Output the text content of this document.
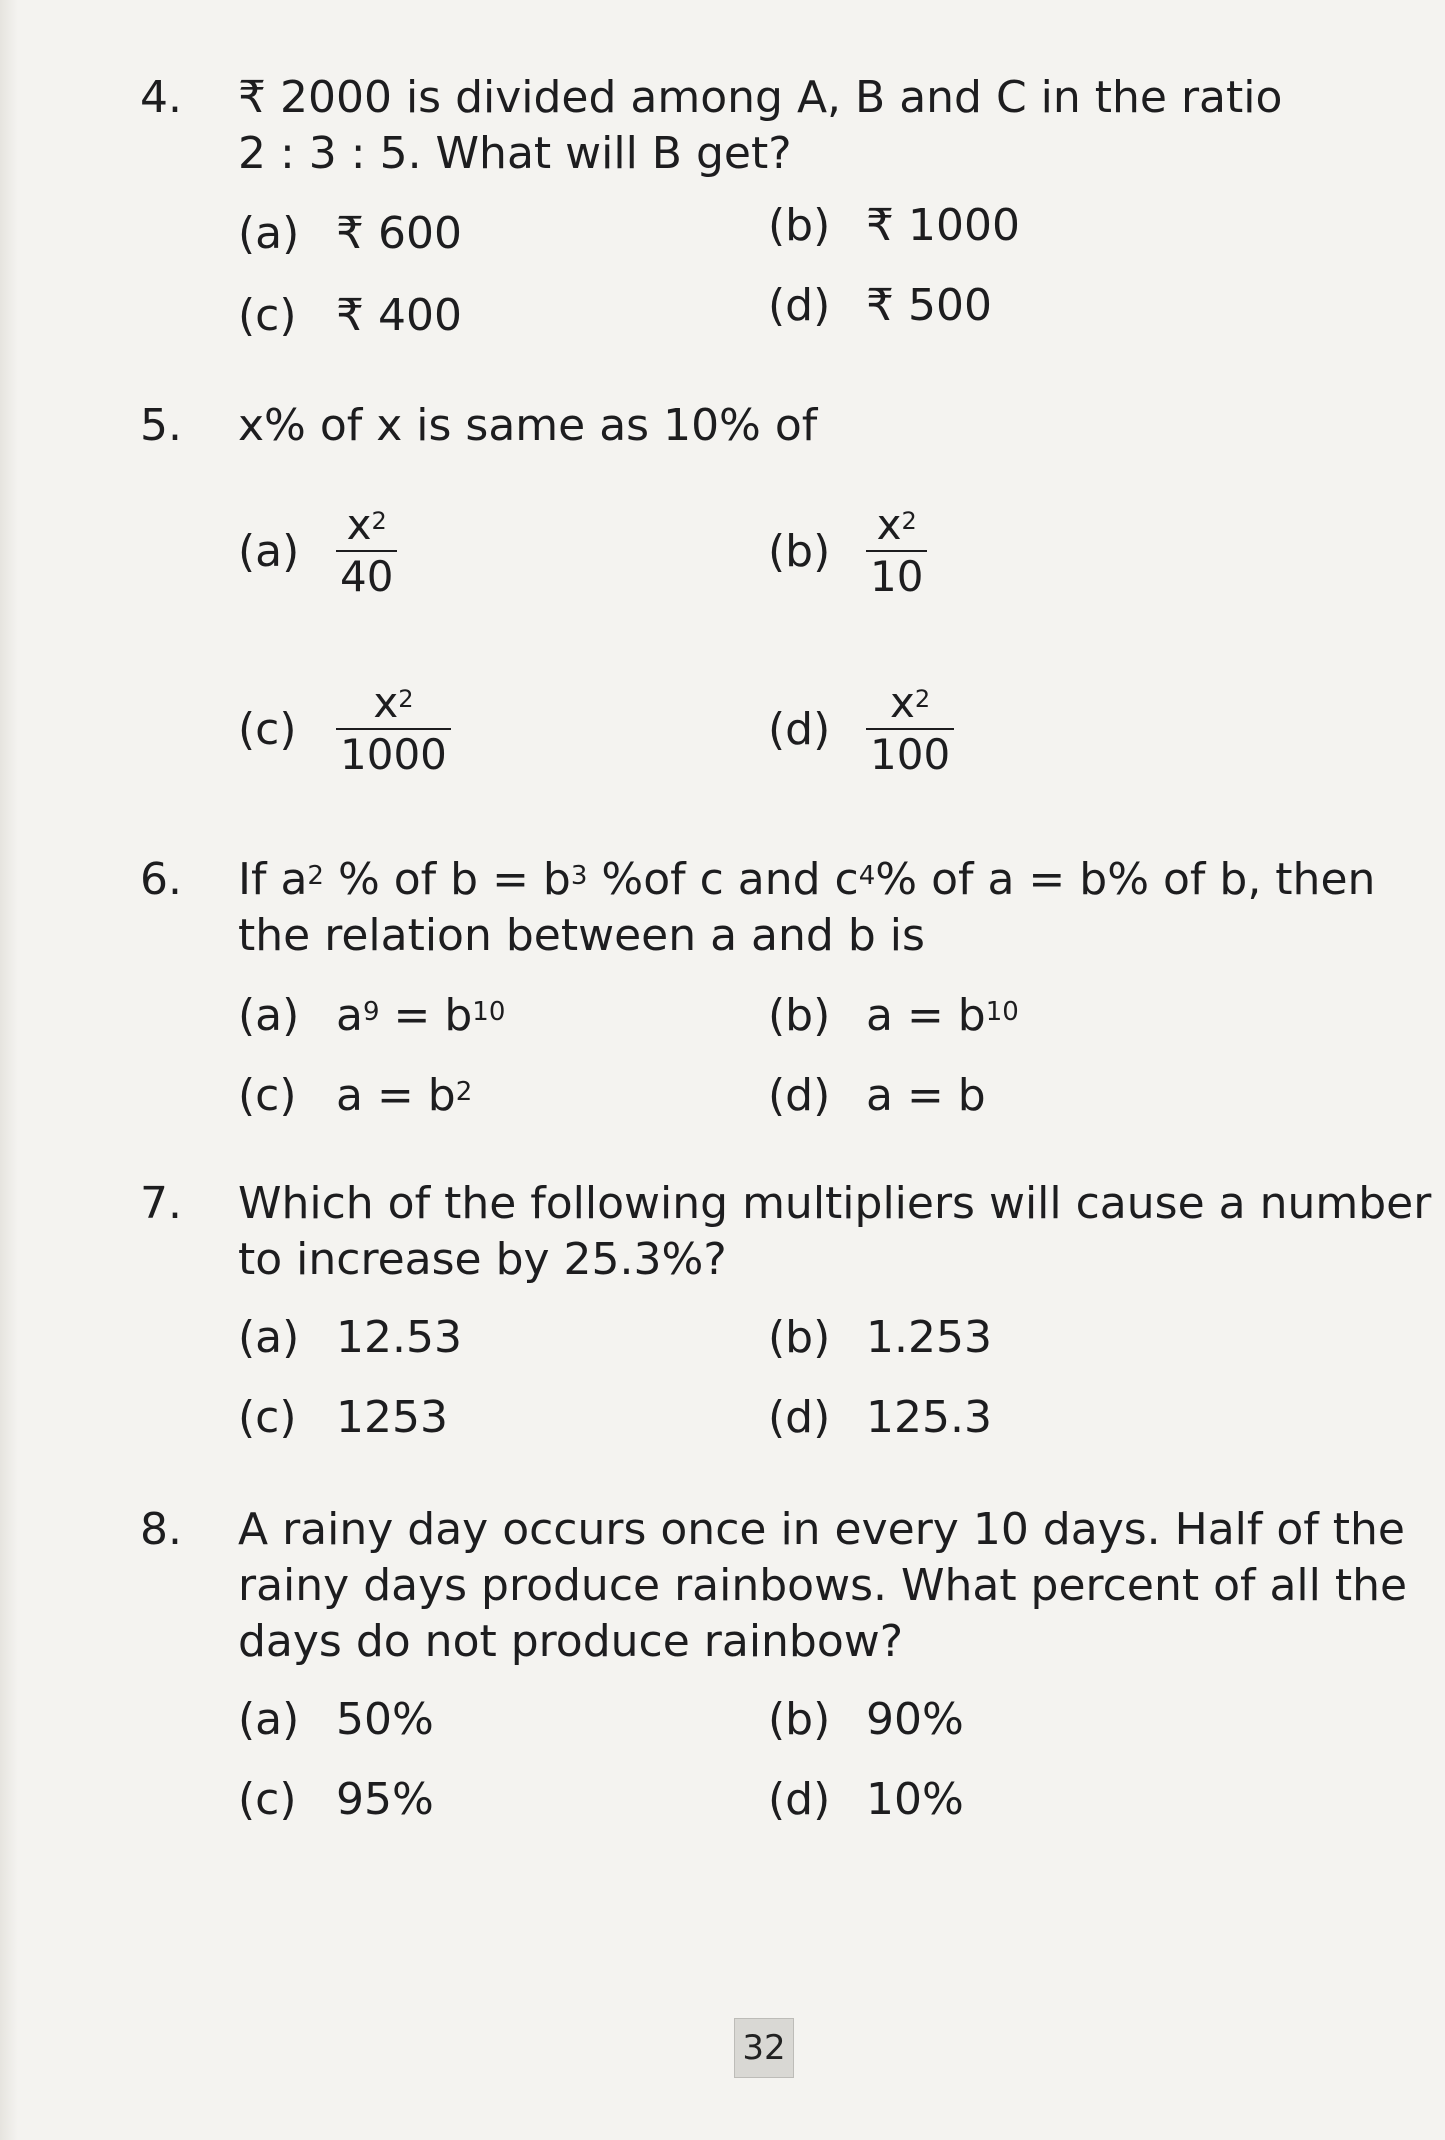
4. ₹ 2000 is divided among A, B and C in the ratio
2 : 3 : 5. What will B get?
(a) ₹ 600	(b) ₹ 1000
(c) ₹ 400	(d) ₹ 500
5. x% of x is same as 10% of
$(a) \frac{x^2}{40}$	$(b) \frac{x^2}{10}$
$(c) \frac{x^2}{1000}$	$(d) \frac{x^2}{100}$
6. If $a^2$ % of $b = b^3$ %of c and $c^4\%$ of a = b% of b, then
the relation between a and b is
(a) $a^9 = b^{10}$	(b) $a = b^{10}$
(c) $a = b^2$	(d) a = b
7. Which of the following multipliers will cause a number
to increase by 25.3%?
(a) 12.53	(b) 1.253
(c) 1253	(d) 125.3
8. A rainy day occurs once in every 10 days. Half of the
rainy days produce rainbows. What percent of all the
days do not produce rainbow?
(a) 50%	(b) 90%
(c) 95%	(d) 10%
32
